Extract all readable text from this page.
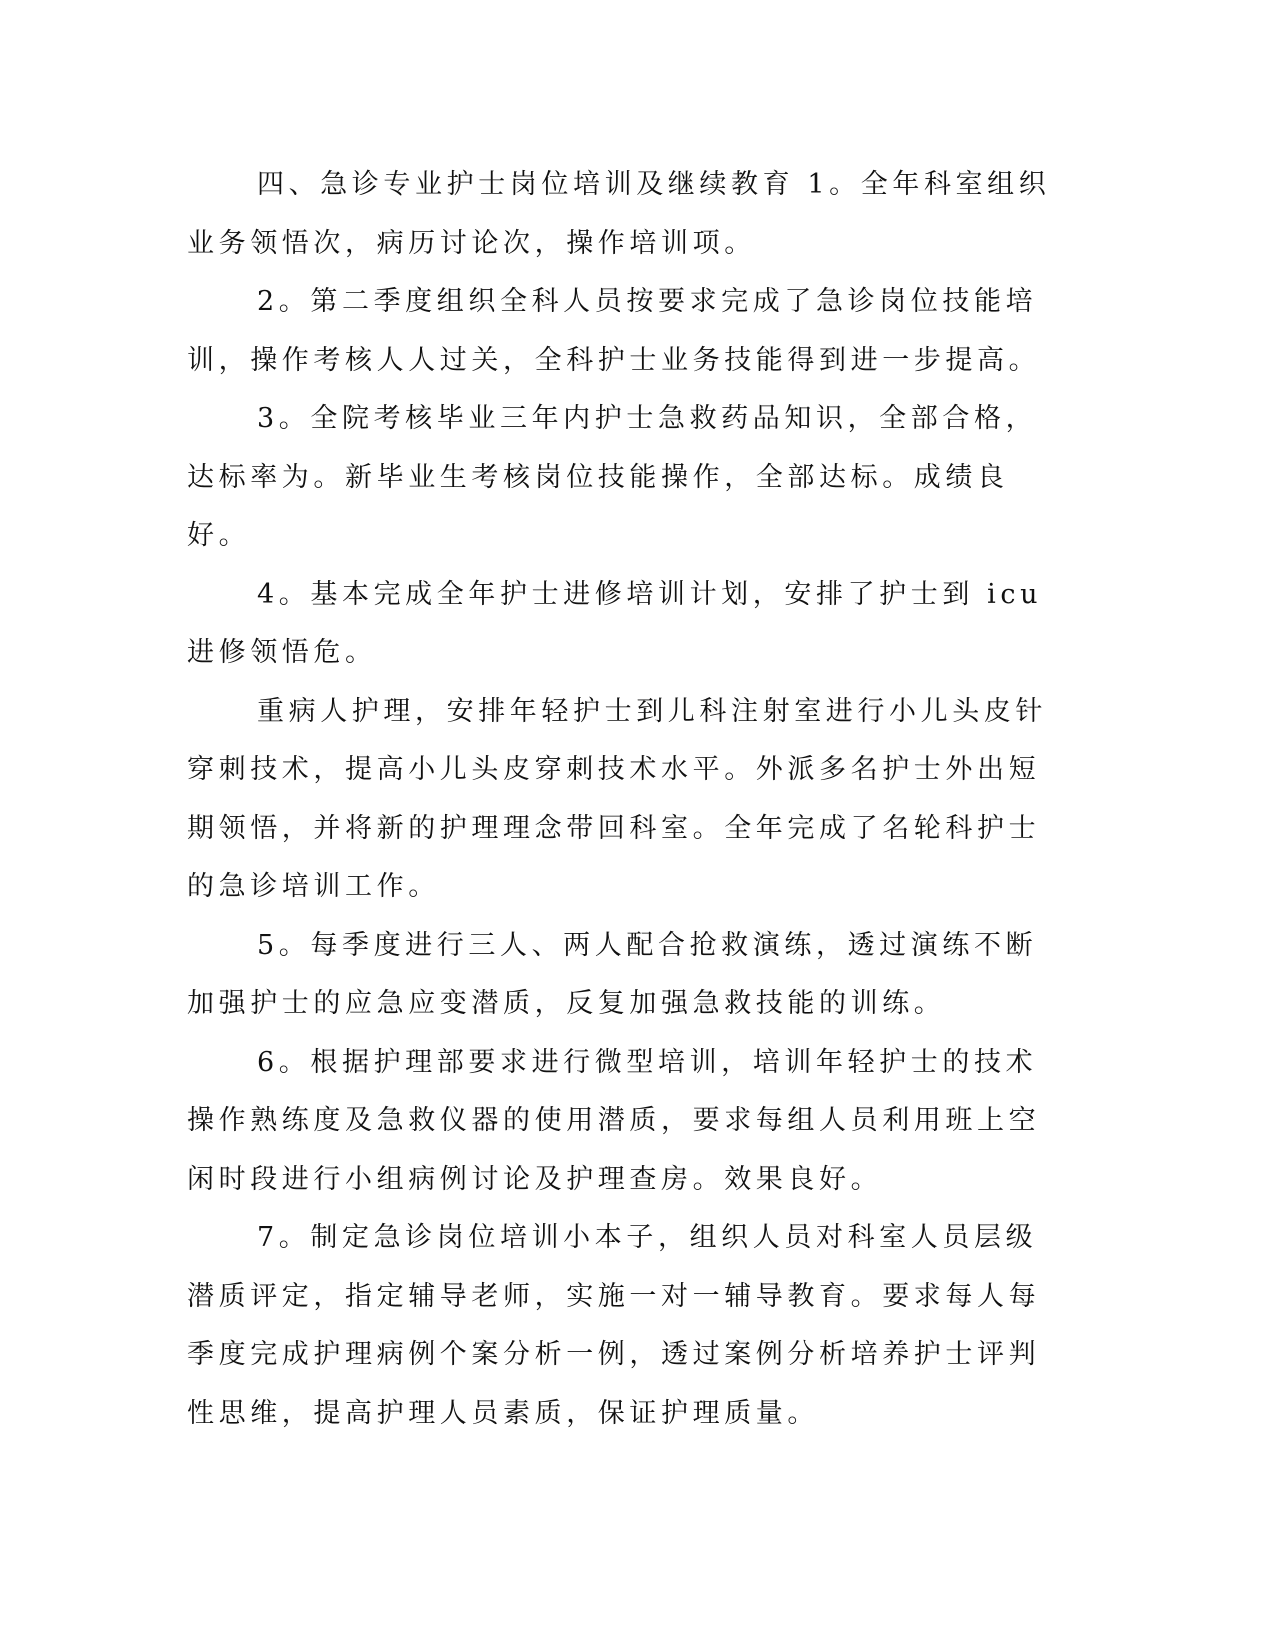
四、急诊专业护士岗位培训及继续教育 1。全年科室组织业务领悟次，病历讨论次，操作培训项。

2。第二季度组织全科人员按要求完成了急诊岗位技能培训，操作考核人人过关，全科护士业务技能得到进一步提高。

3。全院考核毕业三年内护士急救药品知识，全部合格，达标率为。新毕业生考核岗位技能操作，全部达标。成绩良好。

4。基本完成全年护士进修培训计划，安排了护士到 icu 进修领悟危。

重病人护理，安排年轻护士到儿科注射室进行小儿头皮针穿刺技术，提高小儿头皮穿刺技术水平。外派多名护士外出短期领悟，并将新的护理理念带回科室。全年完成了名轮科护士的急诊培训工作。

5。每季度进行三人、两人配合抢救演练，透过演练不断加强护士的应急应变潜质，反复加强急救技能的训练。

6。根据护理部要求进行微型培训，培训年轻护士的技术操作熟练度及急救仪器的使用潜质，要求每组人员利用班上空闲时段进行小组病例讨论及护理查房。效果良好。

7。制定急诊岗位培训小本子，组织人员对科室人员层级潜质评定，指定辅导老师，实施一对一辅导教育。要求每人每季度完成护理病例个案分析一例，透过案例分析培养护士评判性思维，提高护理人员素质，保证护理质量。
